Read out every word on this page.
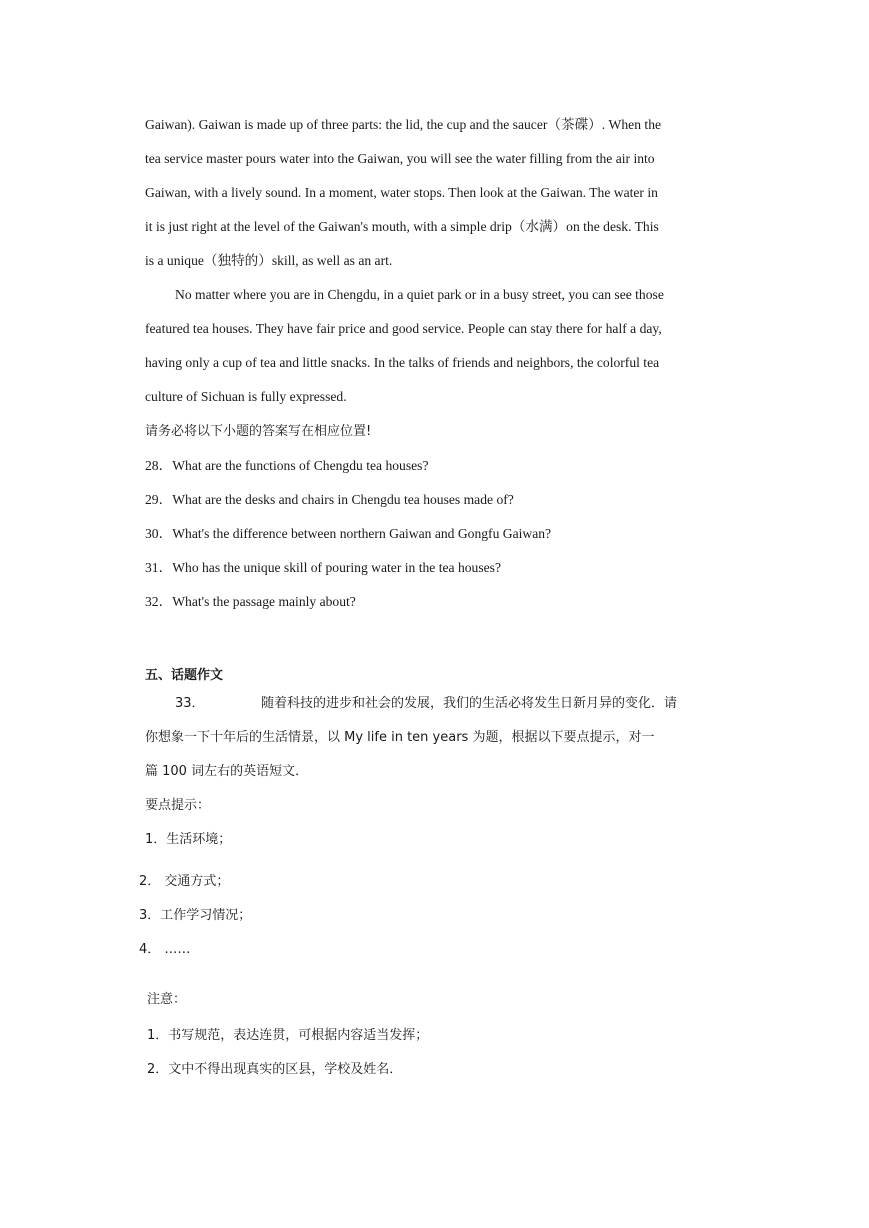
Gaiwan). Gaiwan is made up of three parts: the lid, the cup and the saucer（茶碟）. When the
tea service master pours water into the Gaiwan, you will see the water filling from the air into
Gaiwan, with a lively sound. In a moment, water stops. Then look at the Gaiwan. The water in
it is just right at the level of the Gaiwan's mouth, with a simple drip（水满）on the desk. This
is a unique（独特的）skill, as well as an art.
No matter where you are in Chengdu, in a quiet park or in a busy street, you can see those
featured tea houses. They have fair price and good service. People can stay there for half a day,
having only a cup of tea and little snacks. In the talks of friends and neighbors, the colorful tea
culture of Sichuan is fully expressed.
请务必将以下小题的答案写在相应位置!
28．What are the functions of Chengdu tea houses?
29．What are the desks and chairs in Chengdu tea houses made of?
30．What's the difference between northern Gaiwan and Gongfu Gaiwan?
31．Who has the unique skill of pouring water in the tea houses?
32．What's the passage mainly about?
五、话题作文
33．	随着科技的进步和社会的发展，我们的生活必将发生日新月异的变化．请
你想象一下十年后的生活情景，以 My life in ten years 为题，根据以下要点提示，对一
篇 100 词左右的英语短文．
要点提示：
1．生活环境；
2． 交通方式；
3．工作学习情况；
4． ……
注意：
1．书写规范，表达连贯，可根据内容适当发挥；
2．文中不得出现真实的区县，学校及姓名．
